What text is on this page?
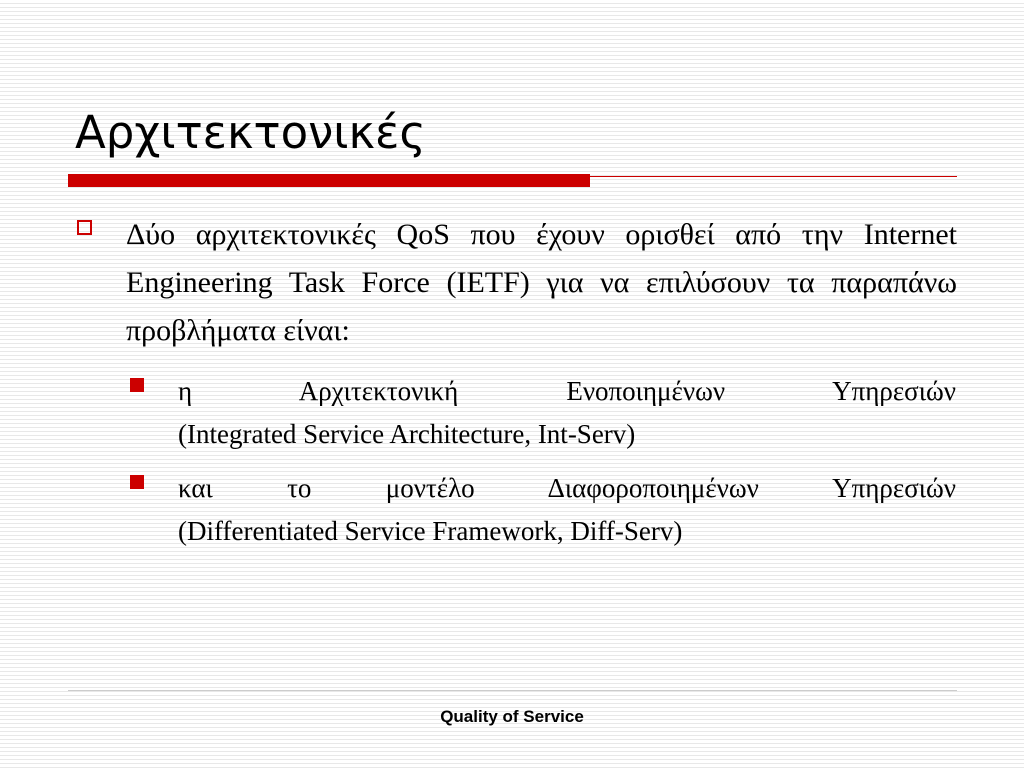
Αρχιτεκτονικές

Δύο αρχιτεκτονικές QoS που έχουν ορισθεί από την Internet Engineering Task Force (IETF) για να επιλύσουν τα παραπάνω προβλήματα είναι:

η Αρχιτεκτονική Ενοποιημένων Υπηρεσιών
(Integrated Service Architecture, Int-Serv)

και το μοντέλο Διαφοροποιημένων Υπηρεσιών
(Differentiated Service Framework, Diff-Serv)

Quality of Service
